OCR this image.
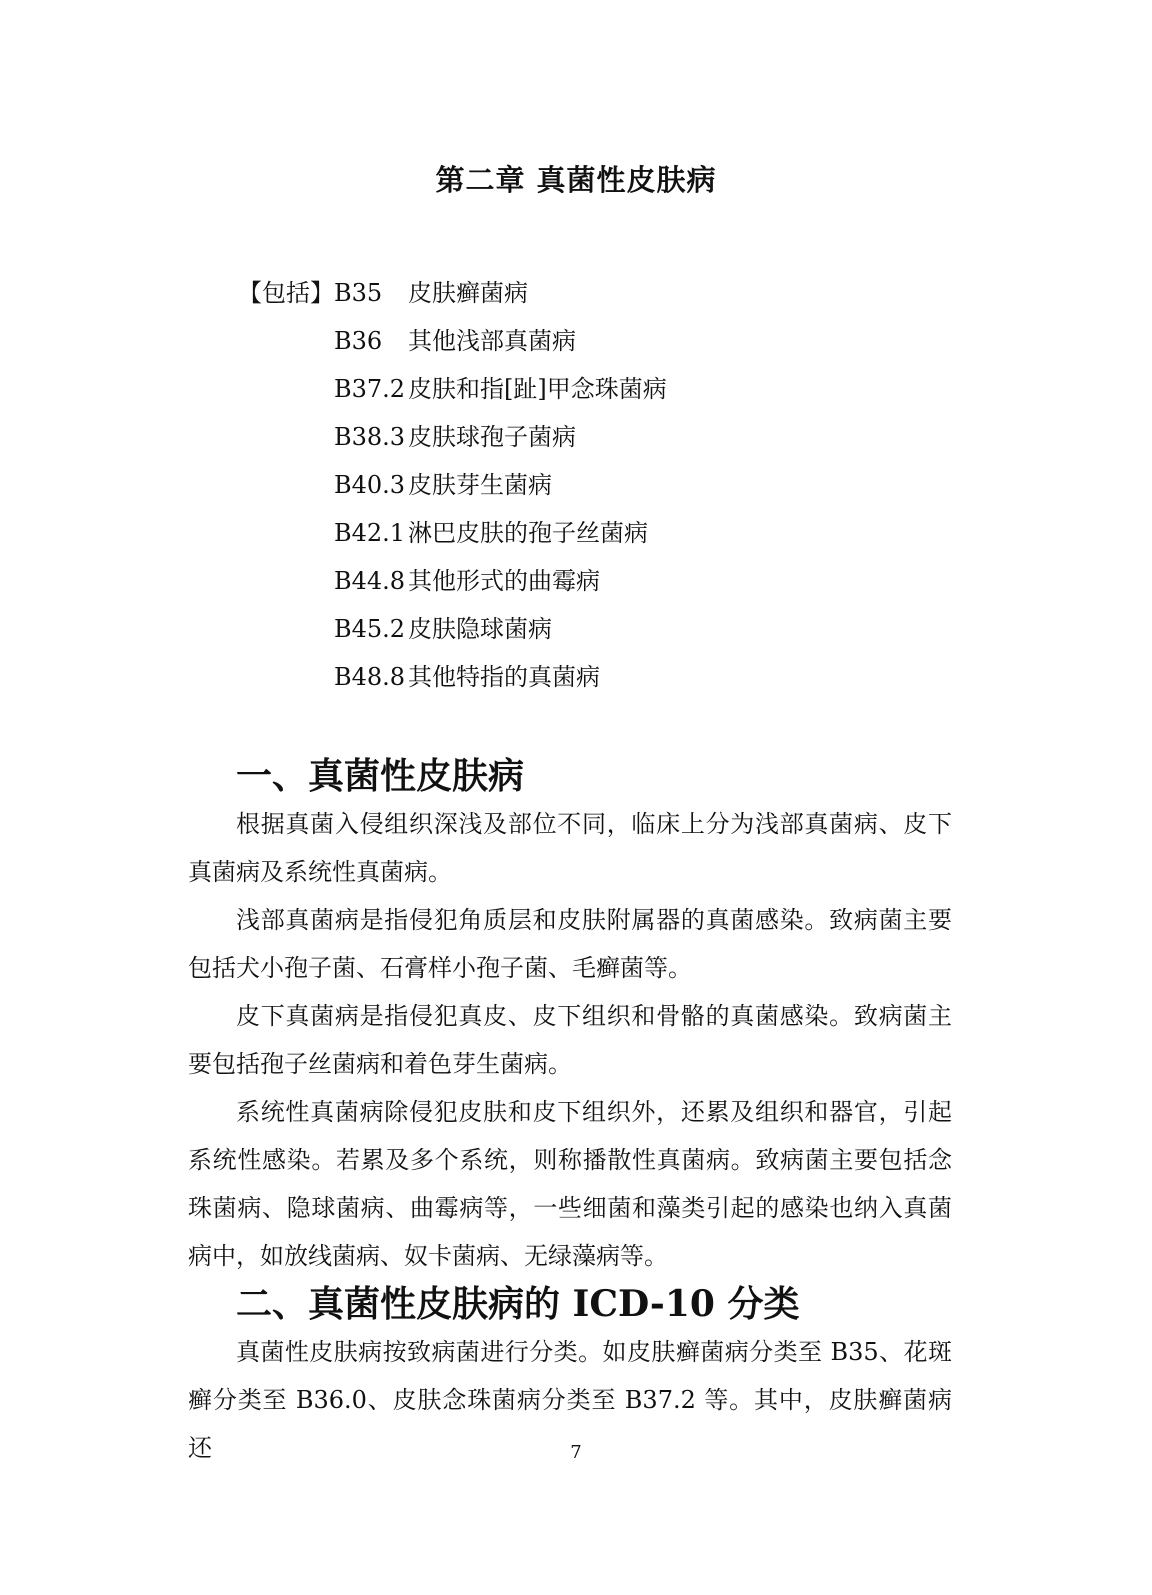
第二章 真菌性皮肤病
【包括】B35 皮肤癣菌病
B36 其他浅部真菌病
B37.2 皮肤和指[趾]甲念珠菌病
B38.3 皮肤球孢子菌病
B40.3 皮肤芽生菌病
B42.1 淋巴皮肤的孢子丝菌病
B44.8 其他形式的曲霉病
B45.2 皮肤隐球菌病
B48.8 其他特指的真菌病
一、真菌性皮肤病

根据真菌入侵组织深浅及部位不同，临床上分为浅部真菌病、皮下真菌病及系统性真菌病。

浅部真菌病是指侵犯角质层和皮肤附属器的真菌感染。致病菌主要包括犬小孢子菌、石膏样小孢子菌、毛癣菌等。

皮下真菌病是指侵犯真皮、皮下组织和骨骼的真菌感染。致病菌主要包括孢子丝菌病和着色芽生菌病。

系统性真菌病除侵犯皮肤和皮下组织外，还累及组织和器官，引起系统性感染。若累及多个系统，则称播散性真菌病。致病菌主要包括念珠菌病、隐球菌病、曲霉病等，一些细菌和藻类引起的感染也纳入真菌病中，如放线菌病、奴卡菌病、无绿藻病等。

二、真菌性皮肤病的 ICD-10 分类

真菌性皮肤病按致病菌进行分类。如皮肤癣菌病分类至 B35、花斑癣分类至 B36.0、皮肤念珠菌病分类至 B37.2 等。其中，皮肤癣菌病还	7
